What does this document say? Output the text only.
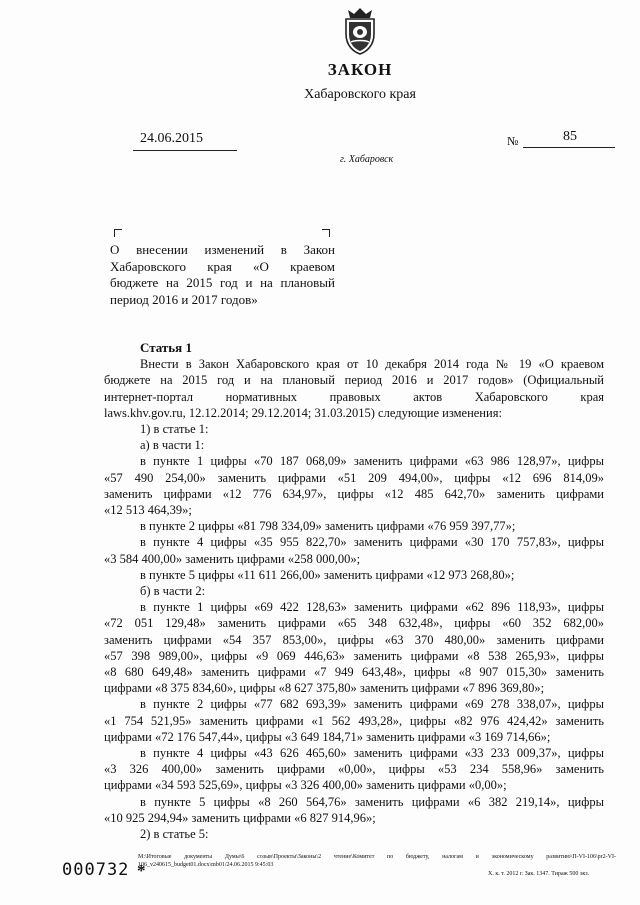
ЗАКОН
Хабаровского края
24.06.2015	№	85
г. Хабаровск
О внесении изменений в Закон
Хабаровского края «О краевом
бюджете на 2015 год и на плановый
период 2016 и 2017 годов»
Статья 1
Внести в Закон Хабаровского края от 10 декабря 2014 года № 19 «О краевом
бюджете на 2015 год и на плановый период 2016 и 2017 годов» (Официальный
интернет-портал нормативных правовых актов Хабаровского края
laws.khv.gov.ru, 12.12.2014; 29.12.2014; 31.03.2015) следующие изменения:
1) в статье 1:
а) в части 1:
в пункте 1 цифры «70 187 068,09» заменить цифрами «63 986 128,97», цифры
«57 490 254,00» заменить цифрами «51 209 494,00», цифры «12 696 814,09»
заменить цифрами «12 776 634,97», цифры «12 485 642,70» заменить цифрами
«12 513 464,39»;
в пункте 2 цифры «81 798 334,09» заменить цифрами «76 959 397,77»;
в пункте 4 цифры «35 955 822,70» заменить цифрами «30 170 757,83», цифры
«3 584 400,00» заменить цифрами «258 000,00»;
в пункте 5 цифры «11 611 266,00» заменить цифрами «12 973 268,80»;
б) в части 2:
в пункте 1 цифры «69 422 128,63» заменить цифрами «62 896 118,93», цифры
«72 051 129,48» заменить цифрами «65 348 632,48», цифры «60 352 682,00»
заменить цифрами «54 357 853,00», цифры «63 370 480,00» заменить цифрами
«57 398 989,00», цифры «9 069 446,63» заменить цифрами «8 538 265,93», цифры
«8 680 649,48» заменить цифрами «7 949 643,48», цифры «8 907 015,30» заменить
цифрами «8 375 834,60», цифры «8 627 375,80» заменить цифрами «7 896 369,80»;
в пункте 2 цифры «77 682 693,39» заменить цифрами «69 278 338,07», цифры
«1 754 521,95» заменить цифрами «1 562 493,28», цифры «82 976 424,42» заменить
цифрами «72 176 547,44», цифры «3 649 184,71» заменить цифрами «3 169 714,66»;
в пункте 4 цифры «43 626 465,60» заменить цифрами «33 233 009,37», цифры
«3 326 400,00» заменить цифрами «0,00», цифры «53 234 558,96» заменить
цифрами «34 593 525,69», цифры «3 326 400,00» заменить цифрами «0,00»;
в пункте 5 цифры «8 260 564,76» заменить цифрами «6 382 219,14», цифры
«10 925 294,94» заменить цифрами «6 827 914,96»;
2) в статье 5:
000732 *
М:\Итоговые документы Думы\6 созыв\Проекты\Законы\2 чтение\Комитет по бюджету, налогам и экономическому развитию\П-VI-106\pr2-VI-
106_v240615_budget01.docx\mb01/24.06.2015 9:45:03
Х. к. т. 2012 г. Зак. 1347. Тираж 500 экз.
